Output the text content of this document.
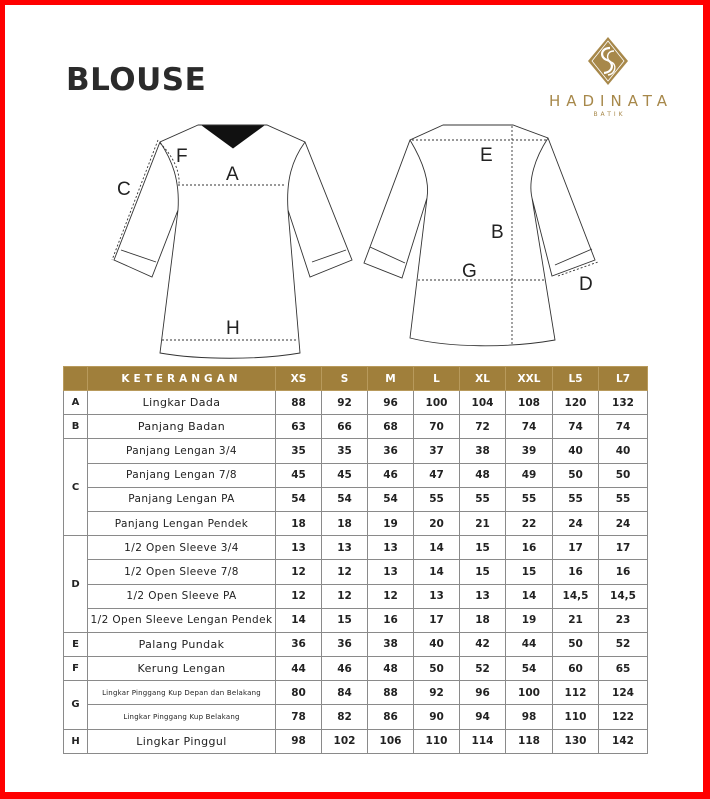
BLOUSE
HADINATA
BATIK
C
F
A
H
E
B
G
D
	KETERANGAN	XS	S	M	L	XL	XXL	L5	L7
A	Lingkar Dada	88	92	96	100	104	108	120	132
B	Panjang Badan	63	66	68	70	72	74	74	74
C	Panjang Lengan 3/4	35	35	36	37	38	39	40	40
	Panjang Lengan 7/8	45	45	46	47	48	49	50	50
	Panjang Lengan PA	54	54	54	55	55	55	55	55
	Panjang Lengan Pendek	18	18	19	20	21	22	24	24
D	1/2 Open Sleeve 3/4	13	13	13	14	15	16	17	17
	1/2 Open Sleeve 7/8	12	12	13	14	15	15	16	16
	1/2 Open Sleeve PA	12	12	12	13	13	14	14,5	14,5
	1/2 Open Sleeve Lengan Pendek	14	15	16	17	18	19	21	23
E	Palang Pundak	36	36	38	40	42	44	50	52
F	Kerung Lengan	44	46	48	50	52	54	60	65
G	Lingkar Pinggang Kup Depan dan Belakang	80	84	88	92	96	100	112	124
	Lingkar Pinggang Kup Belakang	78	82	86	90	94	98	110	122
H	Lingkar Pinggul	98	102	106	110	114	118	130	142
